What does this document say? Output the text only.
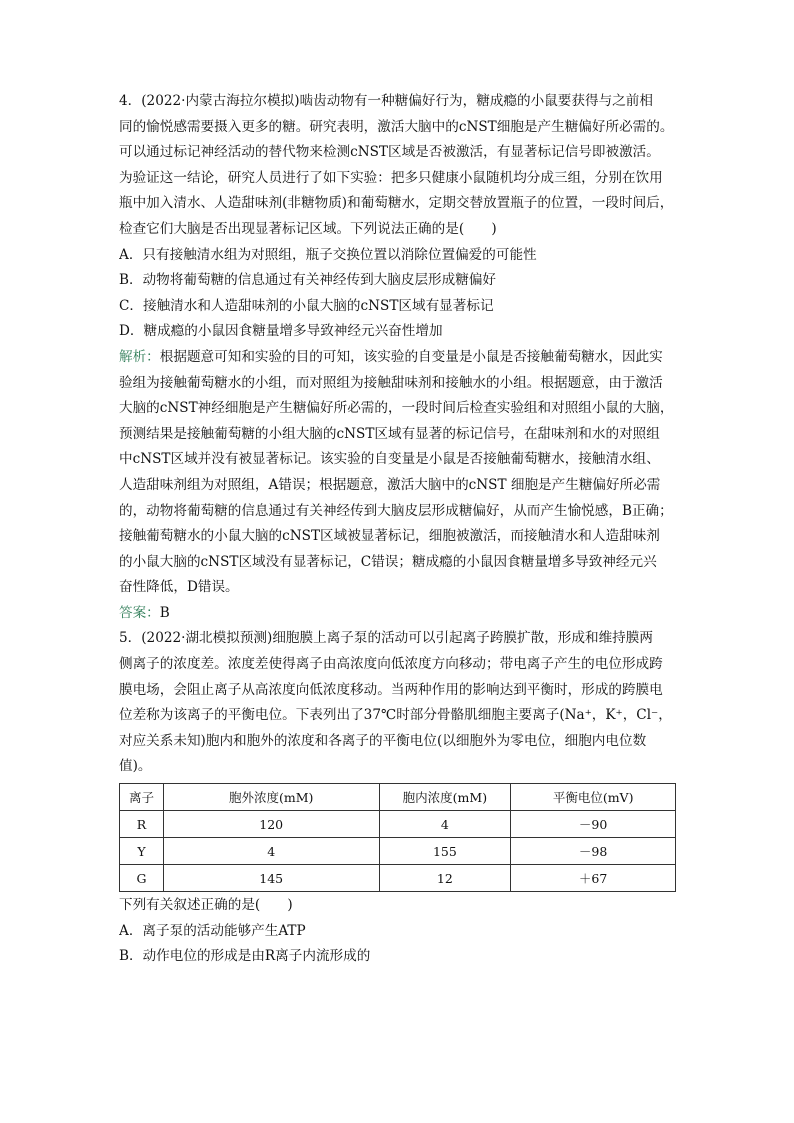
4．(2022·内蒙古海拉尔模拟)啮齿动物有一种糖偏好行为，糖成瘾的小鼠要获得与之前相
同的愉悦感需要摄入更多的糖。研究表明，激活大脑中的cNST细胞是产生糖偏好所必需的。
可以通过标记神经活动的替代物来检测cNST区域是否被激活，有显著标记信号即被激活。
为验证这一结论，研究人员进行了如下实验：把多只健康小鼠随机均分成三组，分别在饮用
瓶中加入清水、人造甜味剂(非糖物质)和葡萄糖水，定期交替放置瓶子的位置，一段时间后，
检查它们大脑是否出现显著标记区域。下列说法正确的是(　　)
A．只有接触清水组为对照组，瓶子交换位置以消除位置偏爱的可能性
B．动物将葡萄糖的信息通过有关神经传到大脑皮层形成糖偏好
C．接触清水和人造甜味剂的小鼠大脑的cNST区域有显著标记
D．糖成瘾的小鼠因食糖量增多导致神经元兴奋性增加
解析：根据题意可知和实验的目的可知，该实验的自变量是小鼠是否接触葡萄糖水，因此实
验组为接触葡萄糖水的小组，而对照组为接触甜味剂和接触水的小组。根据题意，由于激活
大脑的cNST神经细胞是产生糖偏好所必需的，一段时间后检查实验组和对照组小鼠的大脑，
预测结果是接触葡萄糖的小组大脑的cNST区域有显著的标记信号，在甜味剂和水的对照组
中cNST区域并没有被显著标记。该实验的自变量是小鼠是否接触葡萄糖水，接触清水组、
人造甜味剂组为对照组，A错误；根据题意，激活大脑中的cNST 细胞是产生糖偏好所必需
的，动物将葡萄糖的信息通过有关神经传到大脑皮层形成糖偏好，从而产生愉悦感，B正确；
接触葡萄糖水的小鼠大脑的cNST区域被显著标记，细胞被激活，而接触清水和人造甜味剂
的小鼠大脑的cNST区域没有显著标记，C错误；糖成瘾的小鼠因食糖量增多导致神经元兴
奋性降低，D错误。
答案：B
5．(2022·湖北模拟预测)细胞膜上离子泵的活动可以引起离子跨膜扩散，形成和维持膜两
侧离子的浓度差。浓度差使得离子由高浓度向低浓度方向移动；带电离子产生的电位形成跨
膜电场，会阻止离子从高浓度向低浓度移动。当两种作用的影响达到平衡时，形成的跨膜电
位差称为该离子的平衡电位。下表列出了37℃时部分骨骼肌细胞主要离子(Na⁺，K⁺，Cl⁻，
对应关系未知)胞内和胞外的浓度和各离子的平衡电位(以细胞外为零电位，细胞内电位数
值)。
离子	胞外浓度(mM)	胞内浓度(mM)	平衡电位(mV)
R	120	4	－90
Y	4	155	－98
G	145	12	＋67
下列有关叙述正确的是(　　)
A．离子泵的活动能够产生ATP
B．动作电位的形成是由R离子内流形成的
